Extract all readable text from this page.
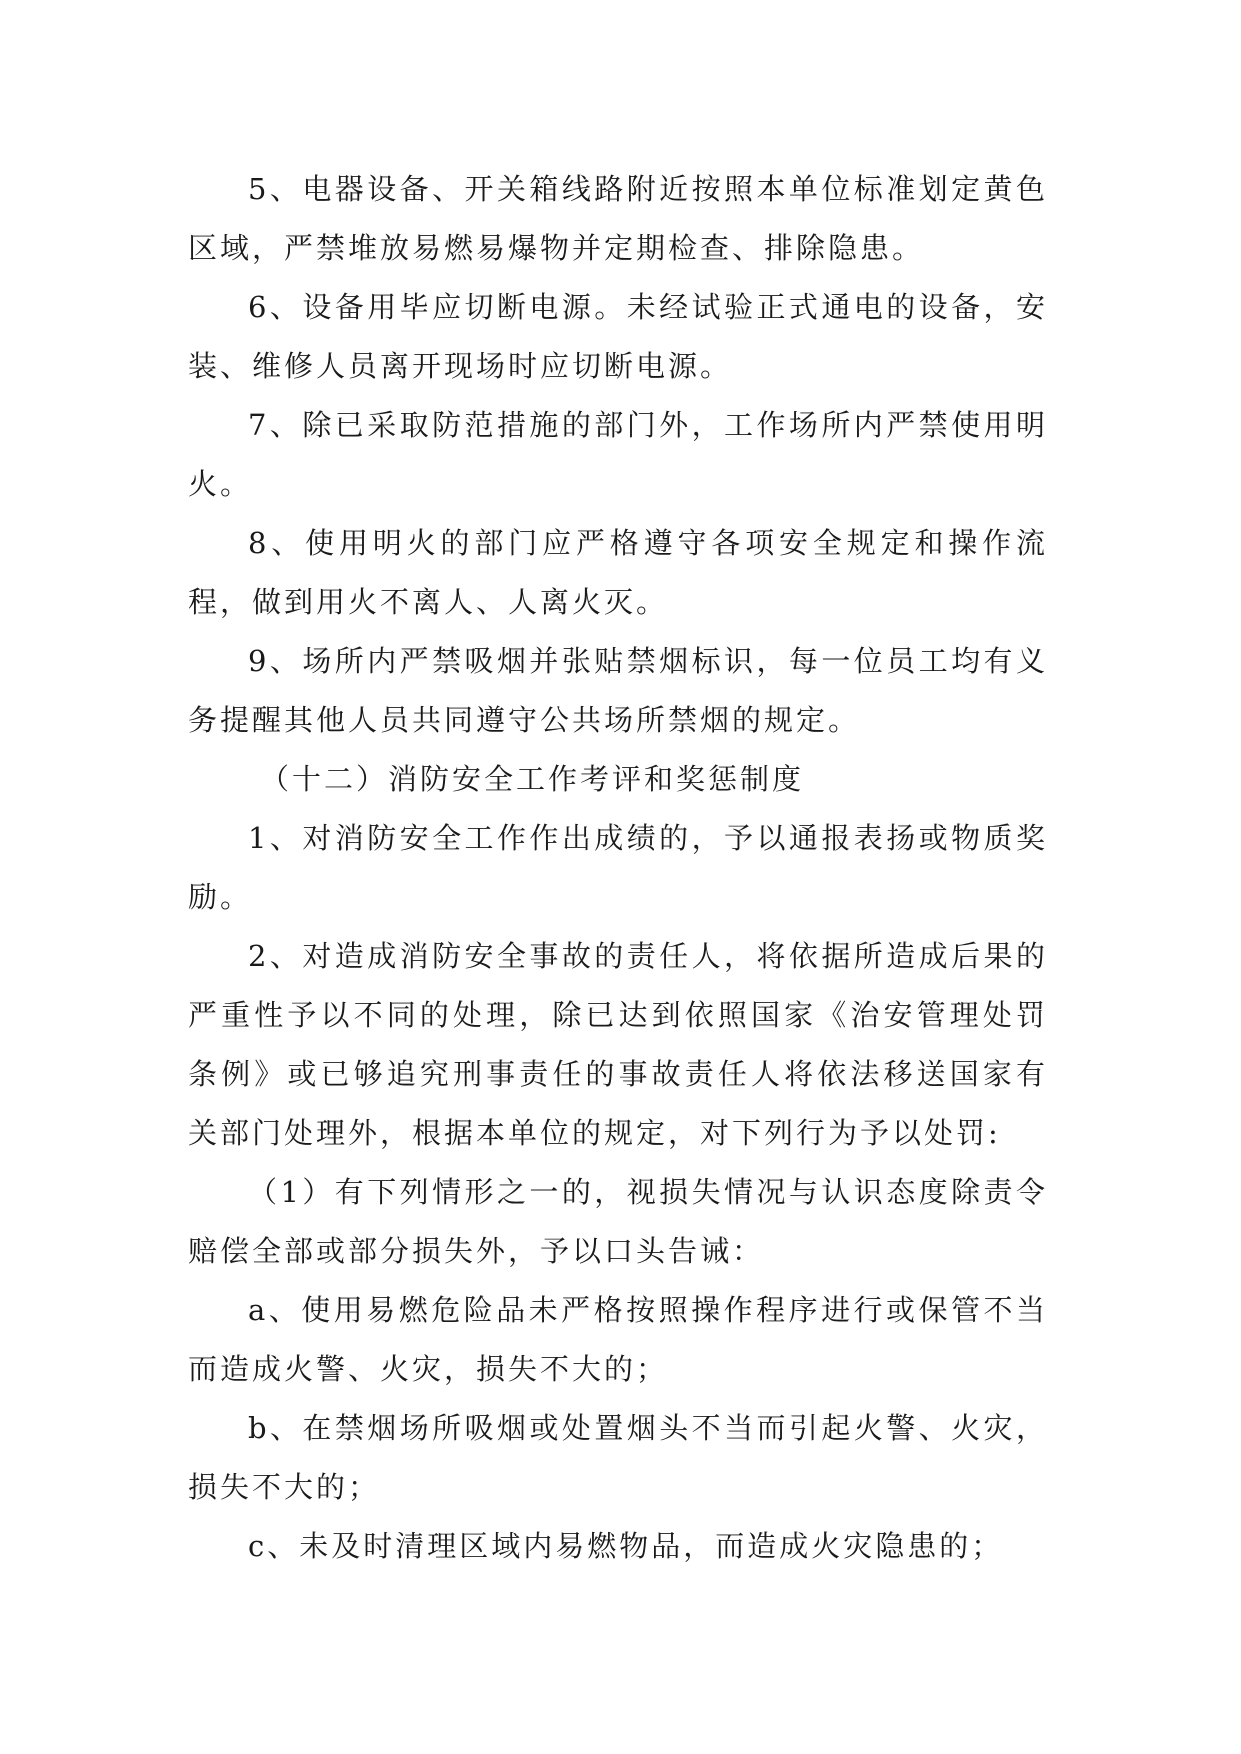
5、电器设备、开关箱线路附近按照本单位标准划定黄色区域，严禁堆放易燃易爆物并定期检查、排除隐患。

6、设备用毕应切断电源。未经试验正式通电的设备，安装、维修人员离开现场时应切断电源。

7、除已采取防范措施的部门外，工作场所内严禁使用明火。

8、使用明火的部门应严格遵守各项安全规定和操作流程，做到用火不离人、人离火灭。

9、场所内严禁吸烟并张贴禁烟标识，每一位员工均有义务提醒其他人员共同遵守公共场所禁烟的规定。

（十二）消防安全工作考评和奖惩制度

1、对消防安全工作作出成绩的，予以通报表扬或物质奖励。

2、对造成消防安全事故的责任人，将依据所造成后果的严重性予以不同的处理，除已达到依照国家《治安管理处罚条例》或已够追究刑事责任的事故责任人将依法移送国家有关部门处理外，根据本单位的规定，对下列行为予以处罚:

（1）有下列情形之一的，视损失情况与认识态度除责令赔偿全部或部分损失外，予以口头告诫：

a、使用易燃危险品未严格按照操作程序进行或保管不当而造成火警、火灾，损失不大的；

b、在禁烟场所吸烟或处置烟头不当而引起火警、火灾，损失不大的；

c、未及时清理区域内易燃物品，而造成火灾隐患的；
